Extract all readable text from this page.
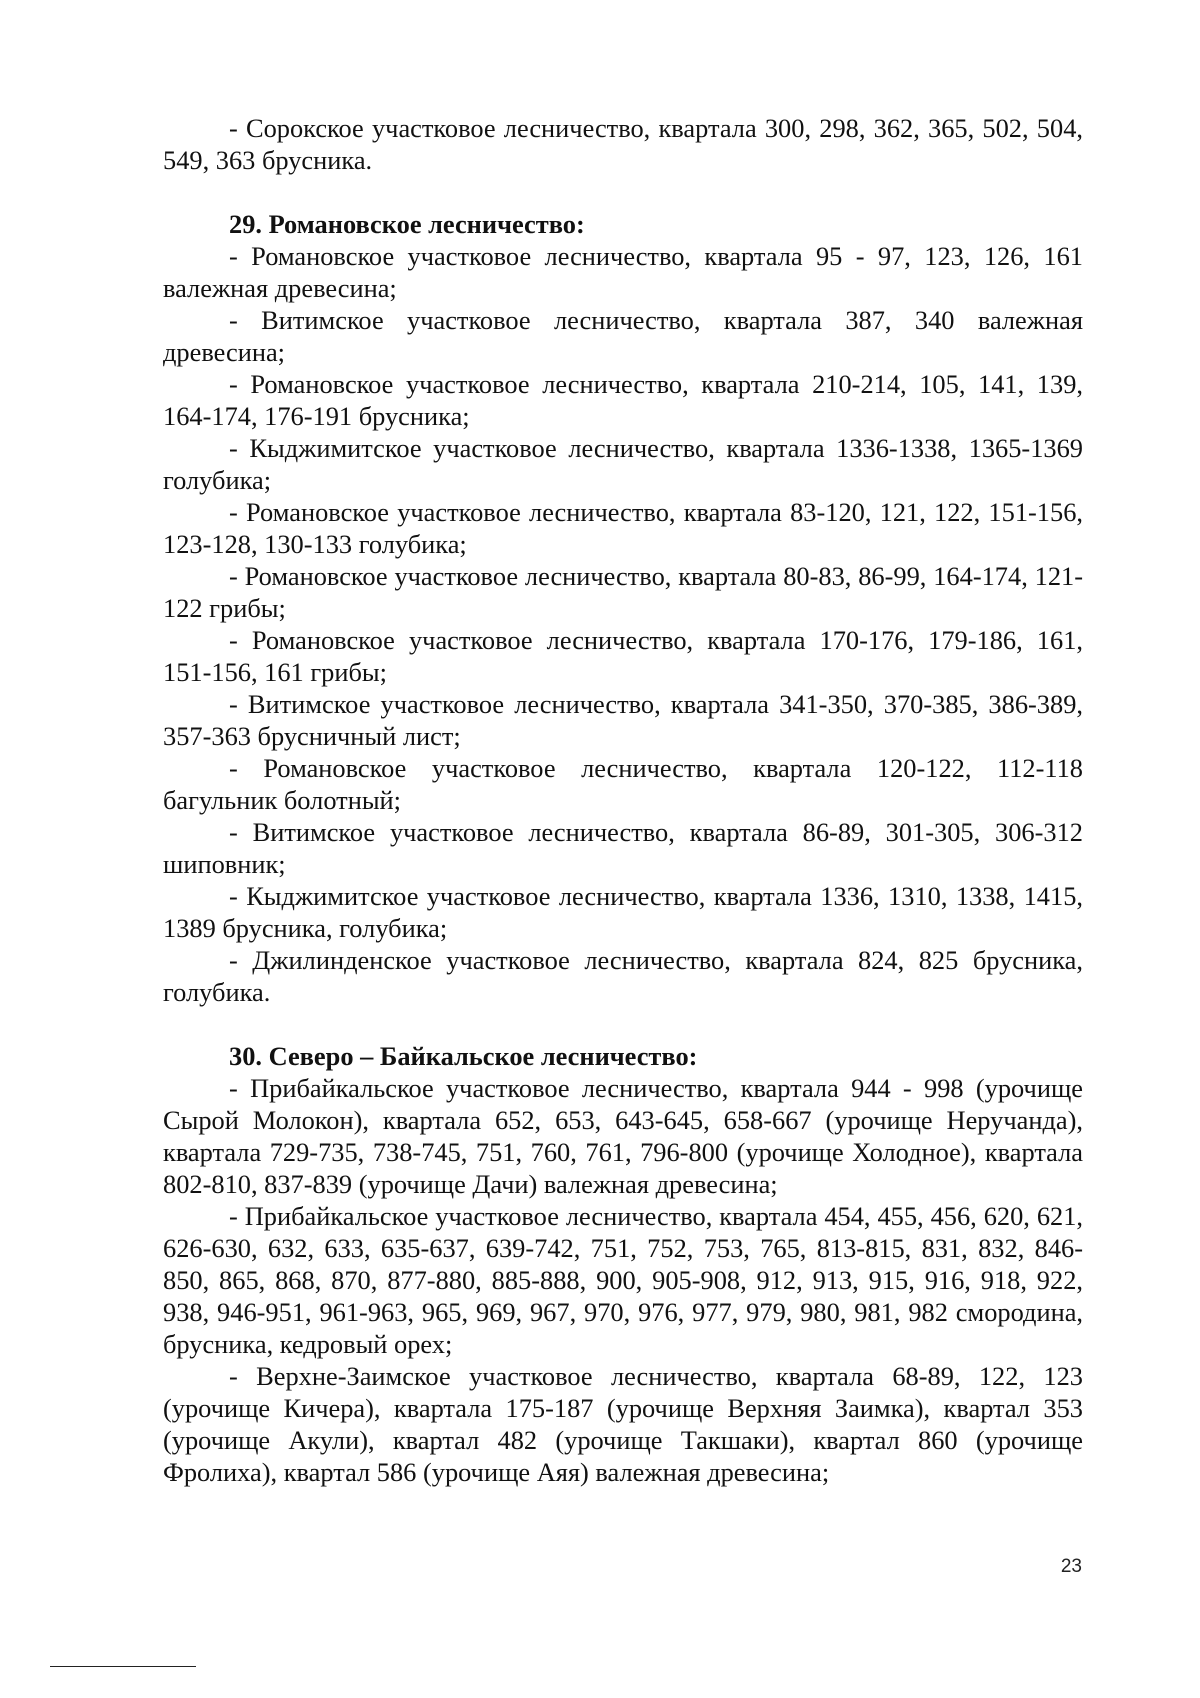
- Сорокское участковое лесничество, квартала 300, 298, 362, 365, 502, 504, 549, 363 брусника.

29. Романовское лесничество:

- Романовское участковое лесничество, квартала 95 - 97, 123, 126, 161 валежная древесина;

- Витимское участковое лесничество, квартала 387, 340 валежная древесина;

- Романовское участковое лесничество, квартала 210-214, 105, 141, 139, 164-174, 176-191 брусника;

- Кыджимитское участковое лесничество, квартала 1336-1338, 1365-1369 голубика;

- Романовское участковое лесничество, квартала 83-120, 121, 122, 151-156, 123-128, 130-133 голубика;

- Романовское участковое лесничество, квартала 80-83, 86-99, 164-174, 121-122 грибы;

- Романовское участковое лесничество, квартала 170-176, 179-186, 161, 151-156, 161 грибы;

- Витимское участковое лесничество, квартала 341-350, 370-385, 386-389, 357-363 брусничный лист;

- Романовское участковое лесничество, квартала 120-122, 112-118 багульник болотный;

- Витимское участковое лесничество, квартала 86-89, 301-305, 306-312 шиповник;

- Кыджимитское участковое лесничество, квартала 1336, 1310, 1338, 1415, 1389 брусника, голубика;

- Джилинденское участковое лесничество, квартала 824, 825 брусника, голубика.

30. Северо – Байкальское лесничество:

- Прибайкальское участковое лесничество, квартала 944 - 998 (урочище Сырой Молокон), квартала 652, 653, 643-645, 658-667 (урочище Неручанда), квартала 729-735, 738-745, 751, 760, 761, 796-800 (урочище Холодное), квартала 802-810, 837-839 (урочище Дачи) валежная древесина;

- Прибайкальское участковое лесничество, квартала 454, 455, 456, 620, 621, 626-630, 632, 633, 635-637, 639-742, 751, 752, 753, 765, 813-815, 831, 832, 846-850, 865, 868, 870, 877-880, 885-888, 900, 905-908, 912, 913, 915, 916, 918, 922, 938, 946-951, 961-963, 965, 969, 967, 970, 976, 977, 979, 980, 981, 982 смородина, брусника, кедровый орех;

- Верхне-Заимское участковое лесничество, квартала 68-89, 122, 123 (урочище Кичера), квартала 175-187 (урочище Верхняя Заимка), квартал 353 (урочище Акули), квартал 482 (урочище Такшаки), квартал 860 (урочище Фролиха), квартал 586 (урочище Аяя) валежная древесина;

23
